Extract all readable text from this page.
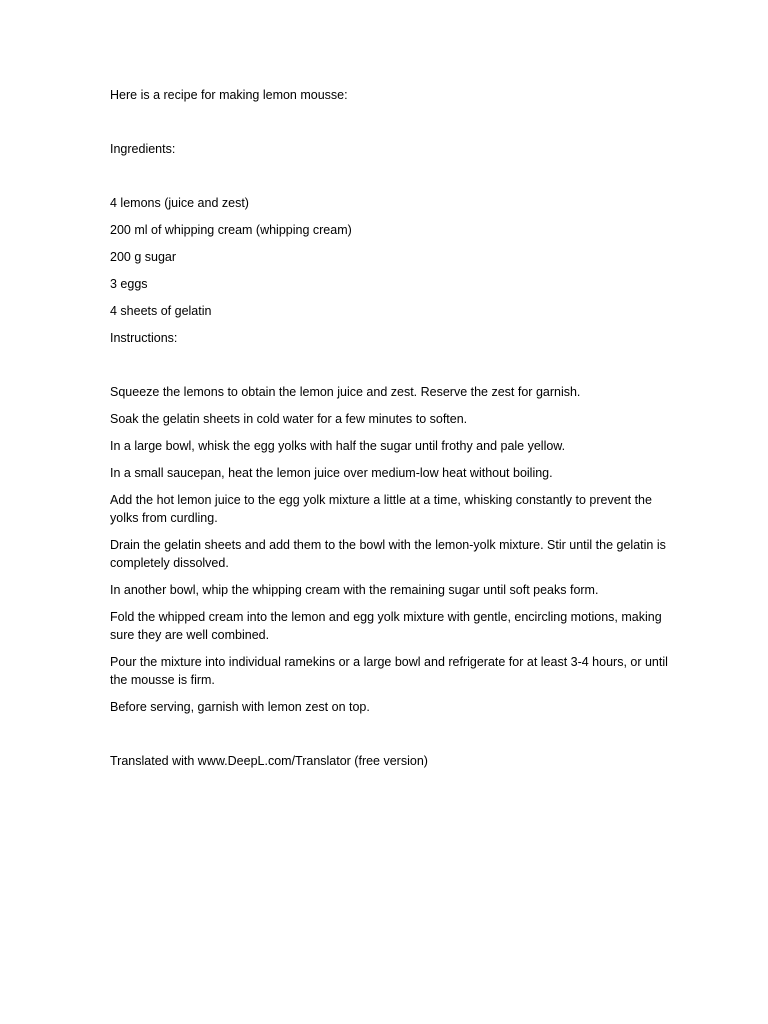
Here is a recipe for making lemon mousse:

Ingredients:

4 lemons (juice and zest)
200 ml of whipping cream (whipping cream)
200 g sugar
3 eggs
4 sheets of gelatin

Instructions:

Squeeze the lemons to obtain the lemon juice and zest. Reserve the zest for garnish.
Soak the gelatin sheets in cold water for a few minutes to soften.
In a large bowl, whisk the egg yolks with half the sugar until frothy and pale yellow.
In a small saucepan, heat the lemon juice over medium-low heat without boiling.
Add the hot lemon juice to the egg yolk mixture a little at a time, whisking constantly to prevent the yolks from curdling.
Drain the gelatin sheets and add them to the bowl with the lemon-yolk mixture. Stir until the gelatin is completely dissolved.
In another bowl, whip the whipping cream with the remaining sugar until soft peaks form.
Fold the whipped cream into the lemon and egg yolk mixture with gentle, encircling motions, making sure they are well combined.
Pour the mixture into individual ramekins or a large bowl and refrigerate for at least 3-4 hours, or until the mousse is firm.
Before serving, garnish with lemon zest on top.

Translated with www.DeepL.com/Translator (free version)
